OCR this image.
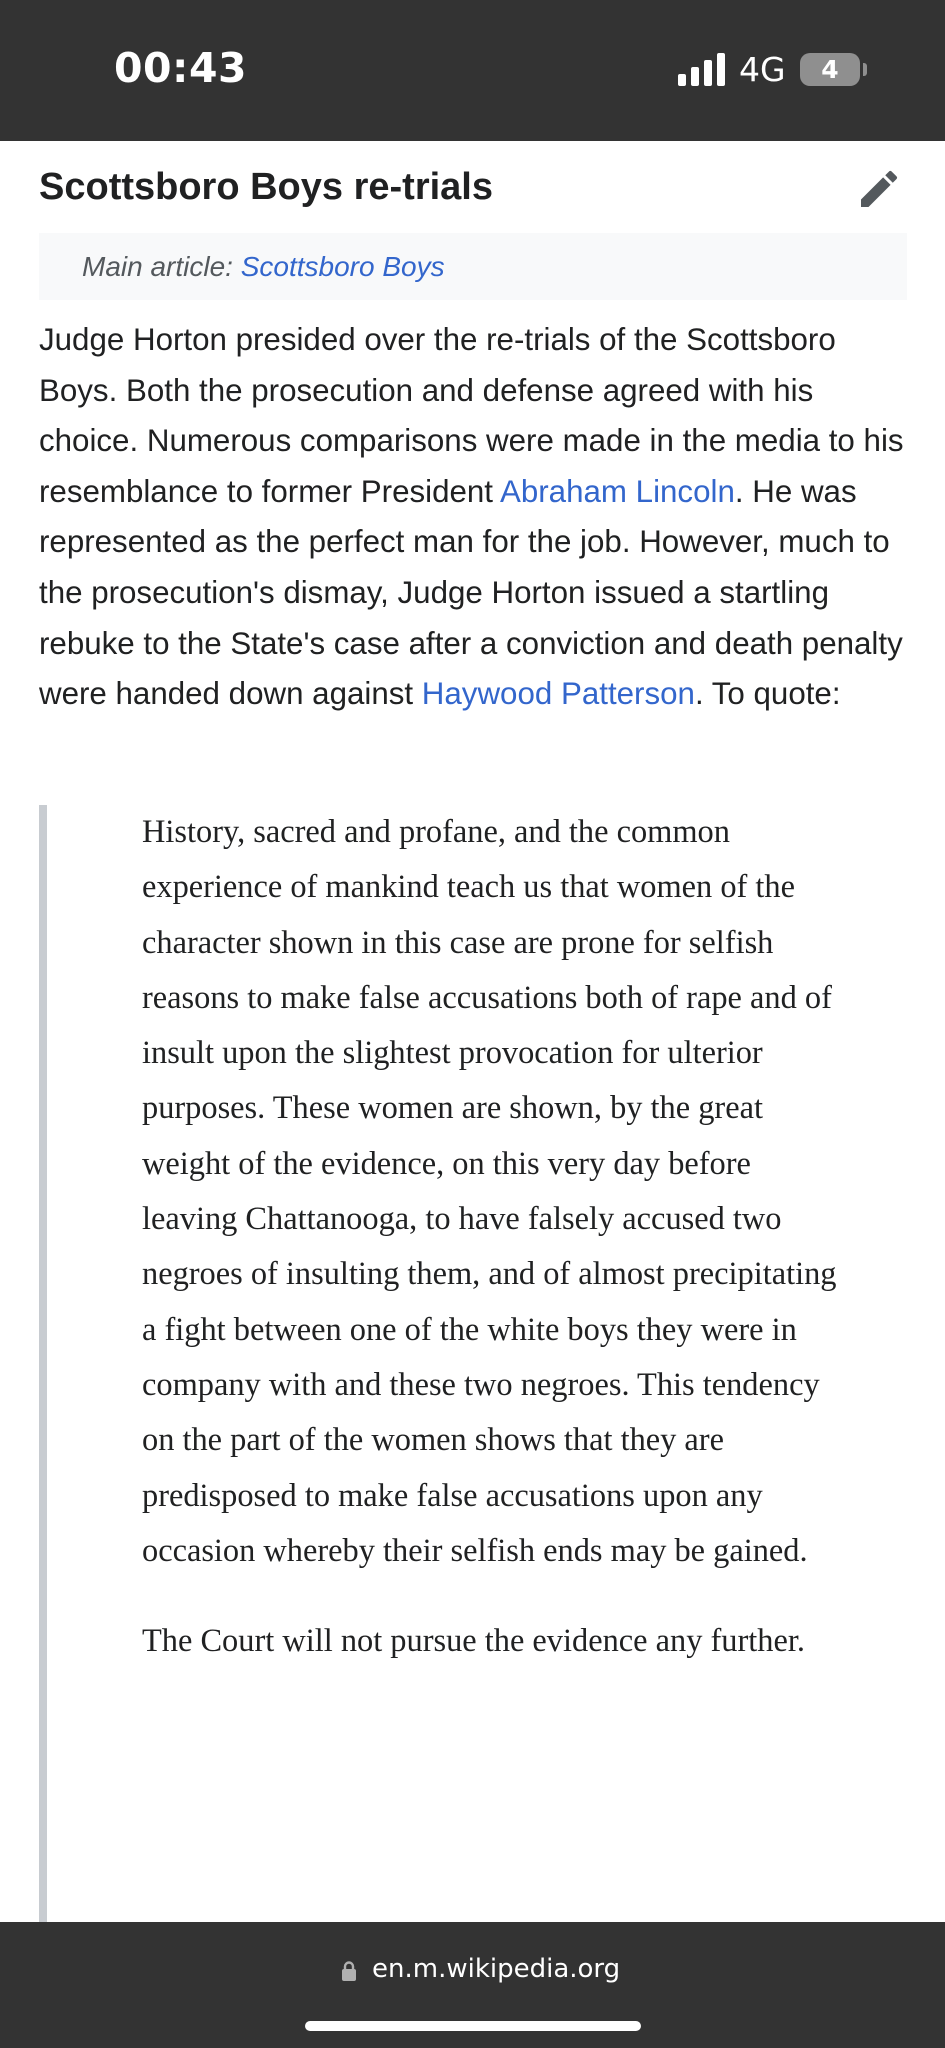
00:43	4G	4
Scottsboro Boys re-trials
Main article: Scottsboro Boys

Judge Horton presided over the re-trials of the Scottsboro Boys. Both the prosecution and defense agreed with his choice. Numerous comparisons were made in the media to his resemblance to former President Abraham Lincoln. He was represented as the perfect man for the job. However, much to the prosecution's dismay, Judge Horton issued a startling rebuke to the State's case after a conviction and death penalty were handed down against Haywood Patterson. To quote:

History, sacred and profane, and the common experience of mankind teach us that women of the character shown in this case are prone for selfish reasons to make false accusations both of rape and of insult upon the slightest provocation for ulterior purposes. These women are shown, by the great weight of the evidence, on this very day before leaving Chattanooga, to have falsely accused two negroes of insulting them, and of almost precipitating a fight between one of the white boys they were in company with and these two negroes. This tendency on the part of the women shows that they are predisposed to make false accusations upon any occasion whereby their selfish ends may be gained.

The Court will not pursue the evidence any further.

en.m.wikipedia.org
